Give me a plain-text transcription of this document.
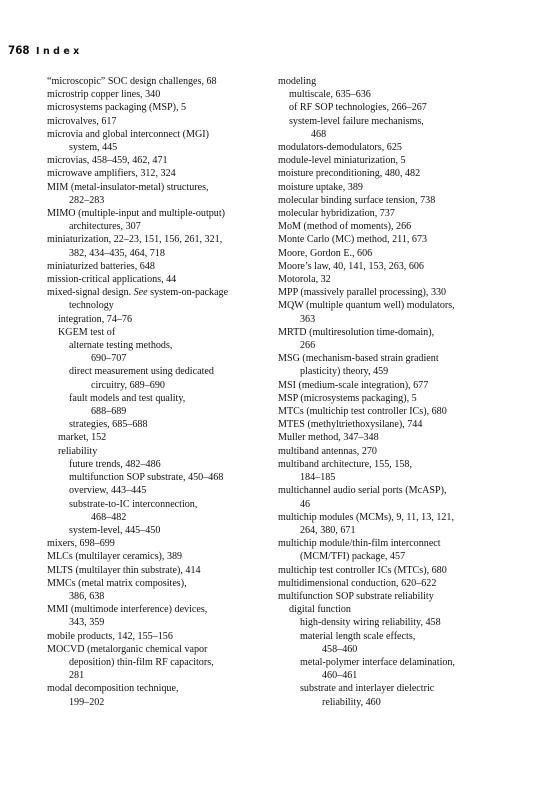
768 Index
“microscopic” SOC design challenges, 68
microstrip copper lines, 340
microsystems packaging (MSP), 5
microvalves, 617
microvia and global interconnect (MGI)
system, 445
microvias, 458–459, 462, 471
microwave amplifiers, 312, 324
MIM (metal-insulator-metal) structures,
282–283
MIMO (multiple-input and multiple-output)
architectures, 307
miniaturization, 22–23, 151, 156, 261, 321,
382, 434–435, 464, 718
miniaturized batteries, 648
mission-critical applications, 44
mixed-signal design. See system-on-package
technology
integration, 74–76
KGEM test of
alternate testing methods,
690–707
direct measurement using dedicated
circuitry, 689–690
fault models and test quality,
688–689
strategies, 685–688
market, 152
reliability
future trends, 482–486
multifunction SOP substrate, 450–468
overview, 443–445
substrate-to-IC interconnection,
468–482
system-level, 445–450
mixers, 698–699
MLCs (multilayer ceramics), 389
MLTS (multilayer thin substrate), 414
MMCs (metal matrix composites),
386, 638
MMI (multimode interference) devices,
343, 359
mobile products, 142, 155–156
MOCVD (metalorganic chemical vapor
deposition) thin-film RF capacitors,
281
modal decomposition technique,
199–202
modeling
multiscale, 635–636
of RF SOP technologies, 266–267
system-level failure mechanisms,
468
modulators-demodulators, 625
module-level miniaturization, 5
moisture preconditioning, 480, 482
moisture uptake, 389
molecular binding surface tension, 738
molecular hybridization, 737
MoM (method of moments), 266
Monte Carlo (MC) method, 211, 673
Moore, Gordon E., 606
Moore’s law, 40, 141, 153, 263, 606
Motorola, 32
MPP (massively parallel processing), 330
MQW (multiple quantum well) modulators,
363
MRTD (multiresolution time-domain),
266
MSG (mechanism-based strain gradient
plasticity) theory, 459
MSI (medium-scale integration), 677
MSP (microsystems packaging), 5
MTCs (multichip test controller ICs), 680
MTES (methyltriethoxysilane), 744
Muller method, 347–348
multiband antennas, 270
multiband architecture, 155, 158,
184–185
multichannel audio serial ports (McASP),
46
multichip modules (MCMs), 9, 11, 13, 121,
264, 380, 671
multichip module/thin-film interconnect
(MCM/TFI) package, 457
multichip test controller ICs (MTCs), 680
multidimensional conduction, 620–622
multifunction SOP substrate reliability
digital function
high-density wiring reliability, 458
material length scale effects,
458–460
metal-polymer interface delamination,
460–461
substrate and interlayer dielectric
reliability, 460
